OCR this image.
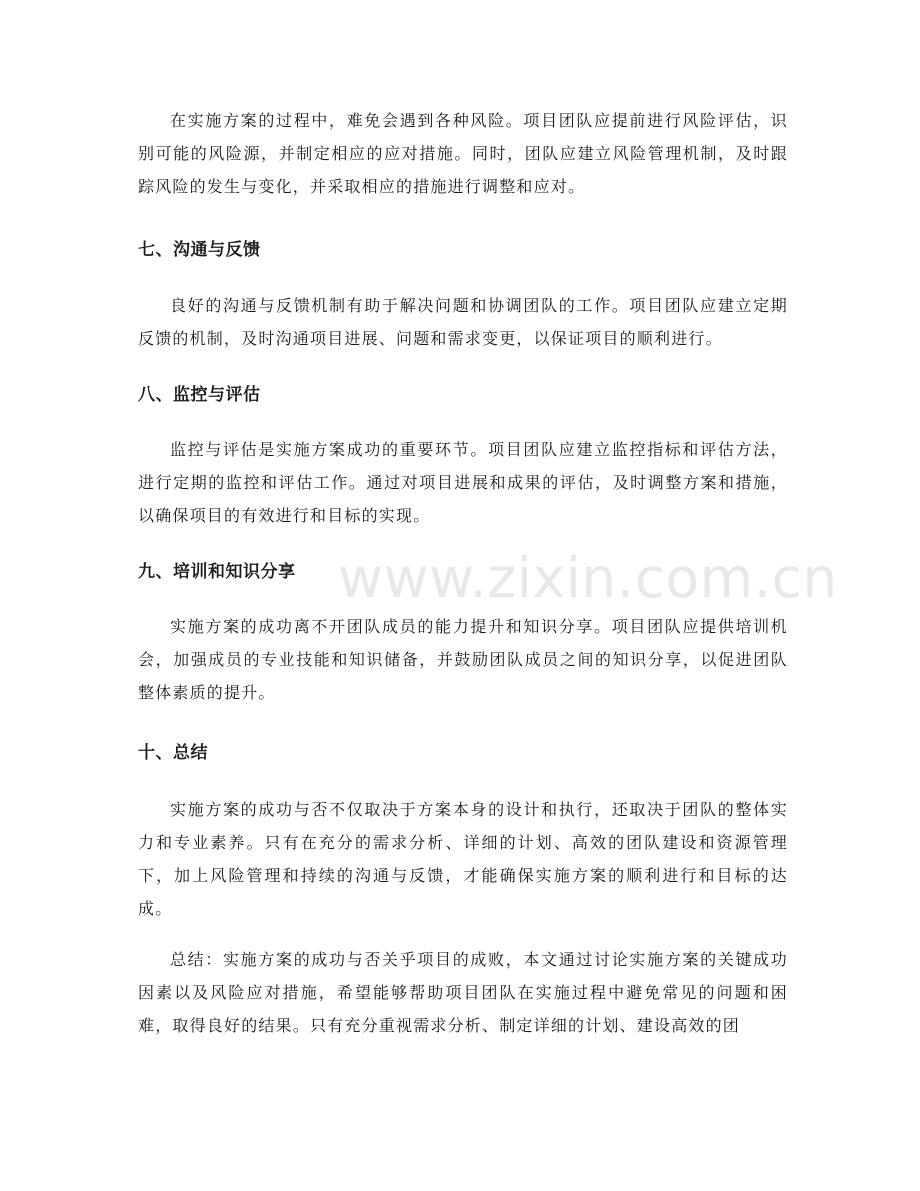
www.zixin.com.cn

在实施方案的过程中，难免会遇到各种风险。项目团队应提前进行风险评估，识别可能的风险源，并制定相应的应对措施。同时，团队应建立风险管理机制，及时跟踪风险的发生与变化，并采取相应的措施进行调整和应对。

七、沟通与反馈

良好的沟通与反馈机制有助于解决问题和协调团队的工作。项目团队应建立定期反馈的机制，及时沟通项目进展、问题和需求变更，以保证项目的顺利进行。

八、监控与评估

监控与评估是实施方案成功的重要环节。项目团队应建立监控指标和评估方法，进行定期的监控和评估工作。通过对项目进展和成果的评估，及时调整方案和措施，以确保项目的有效进行和目标的实现。

九、培训和知识分享

实施方案的成功离不开团队成员的能力提升和知识分享。项目团队应提供培训机会，加强成员的专业技能和知识储备，并鼓励团队成员之间的知识分享，以促进团队整体素质的提升。

十、总结

实施方案的成功与否不仅取决于方案本身的设计和执行，还取决于团队的整体实力和专业素养。只有在充分的需求分析、详细的计划、高效的团队建设和资源管理下，加上风险管理和持续的沟通与反馈，才能确保实施方案的顺利进行和目标的达成。

总结：实施方案的成功与否关乎项目的成败，本文通过讨论实施方案的关键成功因素以及风险应对措施，希望能够帮助项目团队在实施过程中避免常见的问题和困难，取得良好的结果。只有充分重视需求分析、制定详细的计划、建设高效的团
